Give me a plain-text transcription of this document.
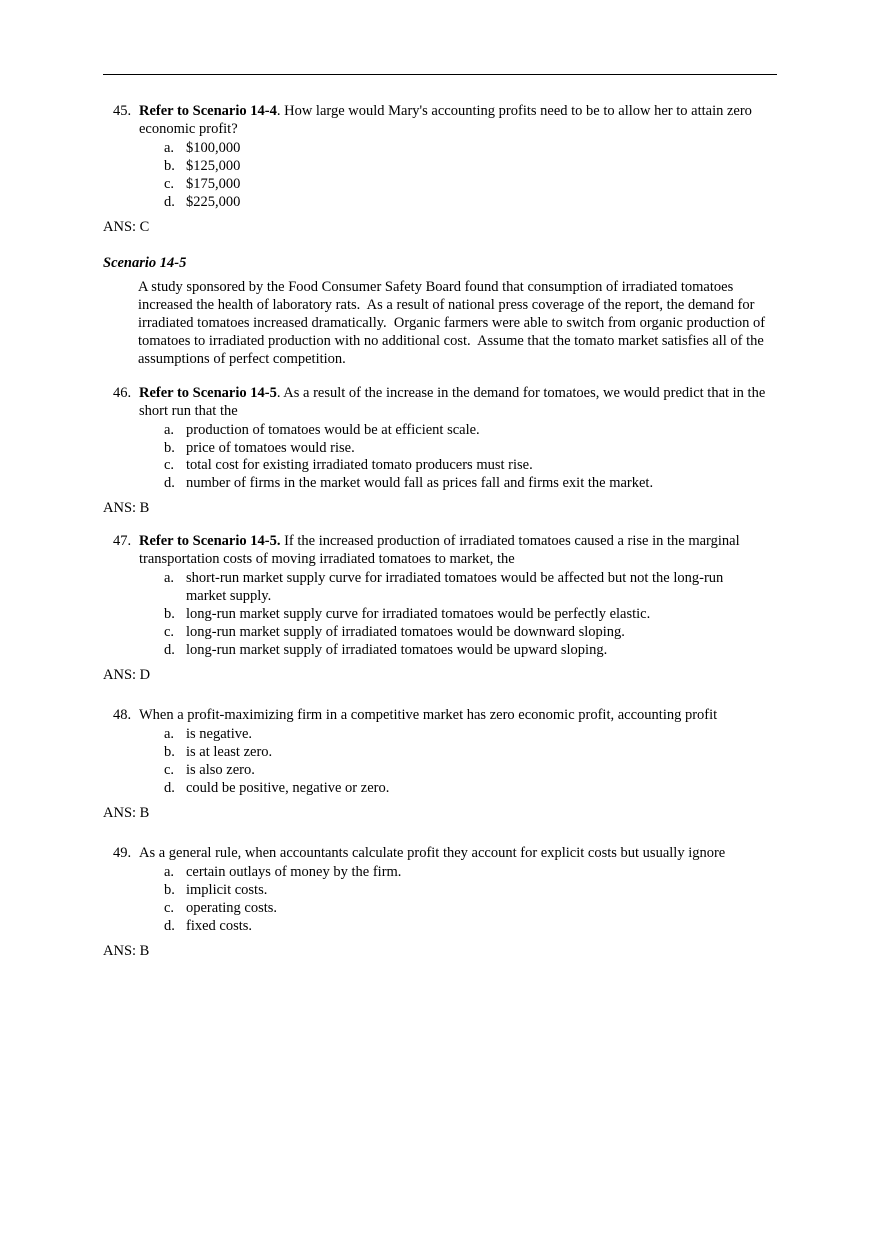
45. Refer to Scenario 14-4. How large would Mary's accounting profits need to be to allow her to attain zero economic profit?
a. $100,000
b. $125,000
c. $175,000
d. $225,000
ANS: C
Scenario 14-5
A study sponsored by the Food Consumer Safety Board found that consumption of irradiated tomatoes increased the health of laboratory rats.  As a result of national press coverage of the report, the demand for irradiated tomatoes increased dramatically.  Organic farmers were able to switch from organic production of tomatoes to irradiated production with no additional cost.  Assume that the tomato market satisfies all of the assumptions of perfect competition.
46. Refer to Scenario 14-5. As a result of the increase in the demand for tomatoes, we would predict that in the short run that the
a. production of tomatoes would be at efficient scale.
b. price of tomatoes would rise.
c. total cost for existing irradiated tomato producers must rise.
d. number of firms in the market would fall as prices fall and firms exit the market.
ANS: B
47. Refer to Scenario 14-5. If the increased production of irradiated tomatoes caused a rise in the marginal transportation costs of moving irradiated tomatoes to market, the
a. short-run market supply curve for irradiated tomatoes would be affected but not the long-run market supply.
b. long-run market supply curve for irradiated tomatoes would be perfectly elastic.
c. long-run market supply of irradiated tomatoes would be downward sloping.
d. long-run market supply of irradiated tomatoes would be upward sloping.
ANS: D
48. When a profit-maximizing firm in a competitive market has zero economic profit, accounting profit
a. is negative.
b. is at least zero.
c. is also zero.
d. could be positive, negative or zero.
ANS: B
49. As a general rule, when accountants calculate profit they account for explicit costs but usually ignore
a. certain outlays of money by the firm.
b. implicit costs.
c. operating costs.
d. fixed costs.
ANS: B
